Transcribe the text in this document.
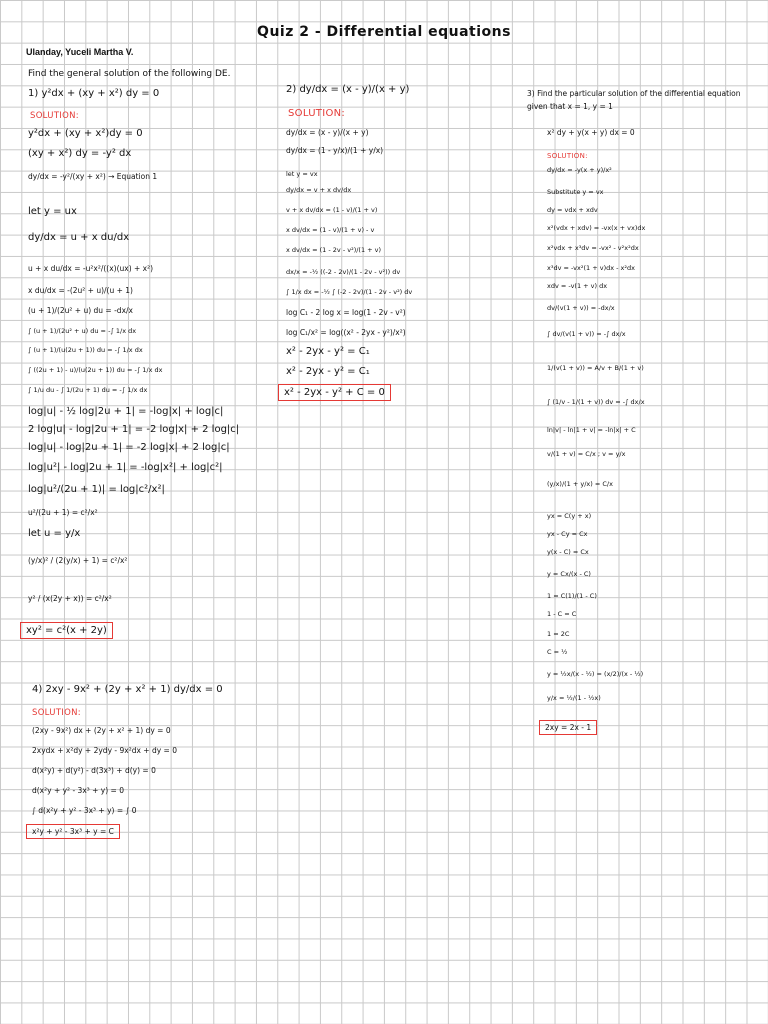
Quiz 2 - Differential equations
Ulanday, Yuceli Martha V.
Find the general solution of the following DE.
1) y²dx + (xy + x²) dy = 0
SOLUTION:
y²dx + (xy + x²)dy = 0
(xy + x²) dy = -y² dx
dy/dx = -y²/(xy + x²) → Equation 1
let y = ux
dy/dx = u + x du/dx
u + x du/dx = -u²x²/((x)(ux) + x²)
x du/dx = -(2u² + u)/(u + 1)
(u + 1)/(2u² + u) du = -dx/x
∫ (u + 1)/(2u² + u) du = -∫ 1/x dx
∫ (u + 1)/(u(2u + 1)) du = -∫ 1/x dx
∫ ((2u + 1) - u)/(u(2u + 1)) du = -∫ 1/x dx
∫ 1/u du - ∫ 1/(2u + 1) du = -∫ 1/x dx
log|u| - ½ log|2u + 1| = -log|x| + log|c|
2 log|u| - log|2u + 1| = -2 log|x| + 2 log|c|
log|u| - log|2u + 1| = -2 log|x| + 2 log|c|
log|u²| - log|2u + 1| = -log|x²| + log|c²|
log|u²/(2u + 1)| = log|c²/x²|
u²/(2u + 1) = c²/x²
let u = y/x
(y/x)² / (2(y/x) + 1) = c²/x²
y² / (x(2y + x)) = c²/x²
xy² = c²(x + 2y)
2) dy/dx = (x - y)/(x + y)
SOLUTION:
dy/dx = (x - y)/(x + y)
dy/dx = (1 - y/x)/(1 + y/x)
let y = vx
dy/dx = v + x dv/dx
v + x dv/dx = (1 - v)/(1 + v)
x dv/dx = (1 - v)/(1 + v) - v
x dv/dx = (1 - 2v - v²)/(1 + v)
dx/x = -½ ((-2 - 2v)/(1 - 2v - v²)) dv
∫ 1/x dx = -½ ∫ (-2 - 2v)/(1 - 2v - v²) dv
log C₁ - 2 log x = log(1 - 2v - v²)
log C₁/x² = log((x² - 2yx - y²)/x²)
x² - 2yx - y² = C₁
x² - 2yx - y² = C₁
x² - 2yx - y² + C = 0
3) Find the particular solution of the differential equation given that x = 1, y = 1
x² dy + y(x + y) dx = 0
SOLUTION:
dy/dx = -y(x + y)/x²
Substitute y = vx
dy = vdx + xdv
x²(vdx + xdv) = -vx(x + vx)dx
x²vdx + x³dv = -vx² - v²x²dx
x³dv = -vx²(1 + v)dx - x²dx
xdv = -v(1 + v) dx
dv/(v(1 + v)) = -dx/x
∫ dv/(v(1 + v)) = -∫ dx/x
1/(v(1 + v)) = A/v + B/(1 + v)
∫ (1/v - 1/(1 + v)) dv = -∫ dx/x
ln|v| - ln|1 + v| = -ln|x| + C
v/(1 + v) = C/x ; v = y/x
(y/x)/(1 + y/x) = C/x
yx = C(y + x)
yx - Cy = Cx
y(x - C) = Cx
y = Cx/(x - C)
1 = C(1)/(1 - C)
1 - C = C
1 = 2C
C = ½
y = ½x/(x - ½) = (x/2)/(x - ½)
y/x = ½/(1 - ½x)
2xy = 2x - 1
4) 2xy - 9x² + (2y + x² + 1) dy/dx = 0
SOLUTION:
(2xy - 9x²) dx + (2y + x² + 1) dy = 0
2xydx + x²dy + 2ydy - 9x²dx + dy = 0
d(x²y) + d(y²) - d(3x³) + d(y) = 0
d(x²y + y² - 3x³ + y) = 0
∫ d(x²y + y² - 3x³ + y) = ∫ 0
x²y + y² - 3x³ + y = C
